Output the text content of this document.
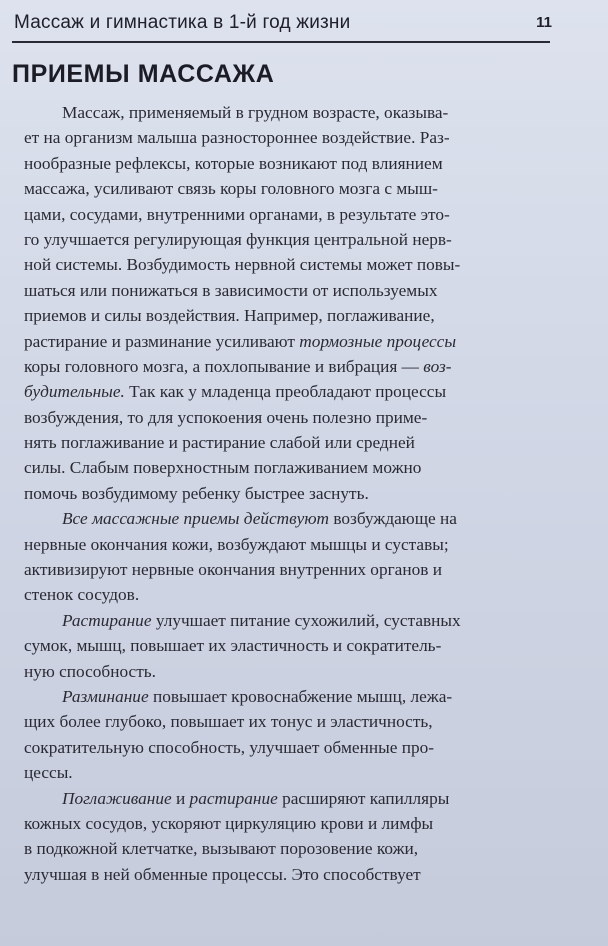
Массаж и гимнастика в 1-й год жизни	11
ПРИЕМЫ МАССАЖА
Массаж, применяемый в грудном возрасте, оказыва-
ет на организм малыша разностороннее воздействие. Раз-
нообразные рефлексы, которые возникают под влиянием
массажа, усиливают связь коры головного мозга с мыш-
цами, сосудами, внутренними органами, в результате это-
го улучшается регулирующая функция центральной нерв-
ной системы. Возбудимость нервной системы может повы-
шаться или понижаться в зависимости от используемых
приемов и силы воздействия. Например, поглаживание,
растирание и разминание усиливают тормозные процессы
коры головного мозга, а похлопывание и вибрация — воз-
будительные. Так как у младенца преобладают процессы
возбуждения, то для успокоения очень полезно приме-
нять поглаживание и растирание слабой или средней
силы. Слабым поверхностным поглаживанием можно
помочь возбудимому ребенку быстрее заснуть.
Все массажные приемы действуют возбуждающе на
нервные окончания кожи, возбуждают мышцы и суставы;
активизируют нервные окончания внутренних органов и
стенок сосудов.
Растирание улучшает питание сухожилий, суставных
сумок, мышц, повышает их эластичность и сократитель-
ную способность.
Разминание повышает кровоснабжение мышц, лежа-
щих более глубоко, повышает их тонус и эластичность,
сократительную способность, улучшает обменные про-
цессы.
Поглаживание и растирание расширяют капилляры
кожных сосудов, ускоряют циркуляцию крови и лимфы
в подкожной клетчатке, вызывают порозовение кожи,
улучшая в ней обменные процессы. Это способствует
